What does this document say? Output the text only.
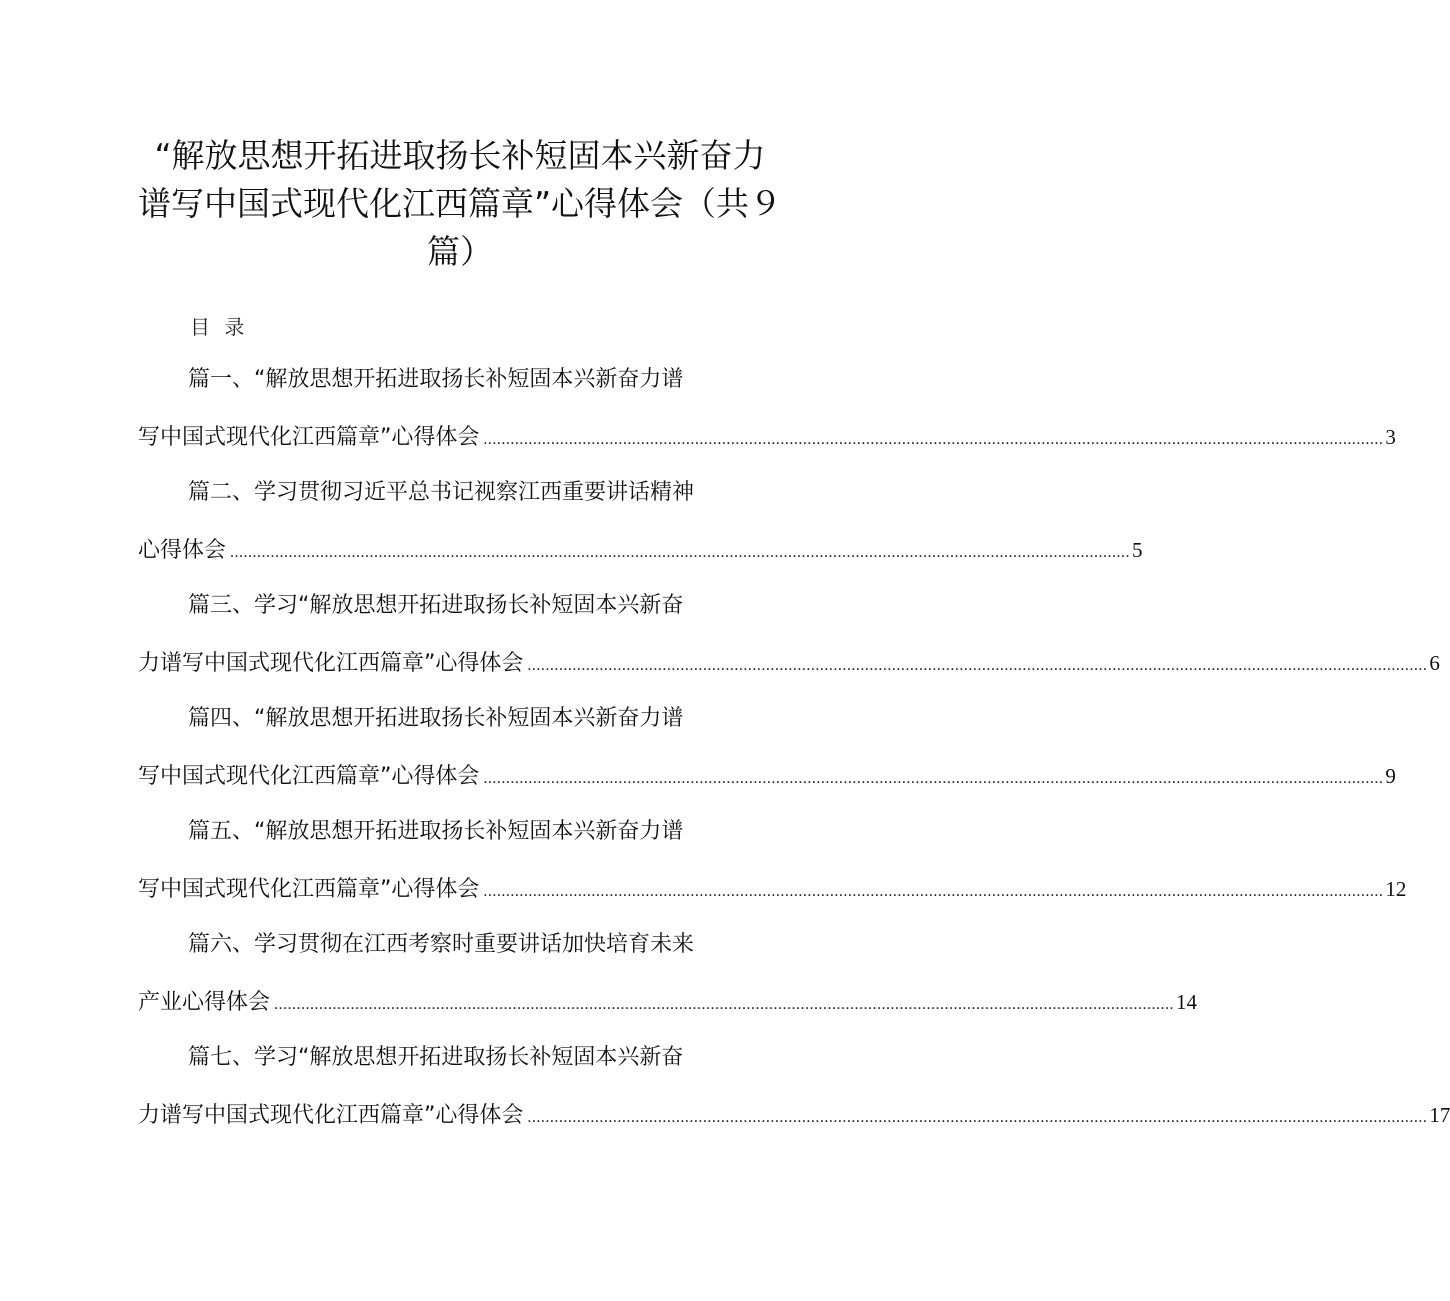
“解放思想开拓进取扬长补短固本兴新奋力
谱写中国式现代化江西篇章”心得体会（共９
篇）
目 录
篇一、“解放思想开拓进取扬长补短固本兴新奋力谱
写中国式现代化江西篇章”心得体会 ........................................................................................................................................................................................................ 3
篇二、学习贯彻习近平总书记视察江西重要讲话精神
心得体会 ........................................................................................................................................................................................................ 5
篇三、学习“解放思想开拓进取扬长补短固本兴新奋
力谱写中国式现代化江西篇章”心得体会 ........................................................................................................................................................................................................ 6
篇四、“解放思想开拓进取扬长补短固本兴新奋力谱
写中国式现代化江西篇章”心得体会 ........................................................................................................................................................................................................ 9
篇五、“解放思想开拓进取扬长补短固本兴新奋力谱
写中国式现代化江西篇章”心得体会 ........................................................................................................................................................................................................ 12
篇六、学习贯彻在江西考察时重要讲话加快培育未来
产业心得体会 ........................................................................................................................................................................................................ 14
篇七、学习“解放思想开拓进取扬长补短固本兴新奋
力谱写中国式现代化江西篇章”心得体会 ........................................................................................................................................................................................................ 17
